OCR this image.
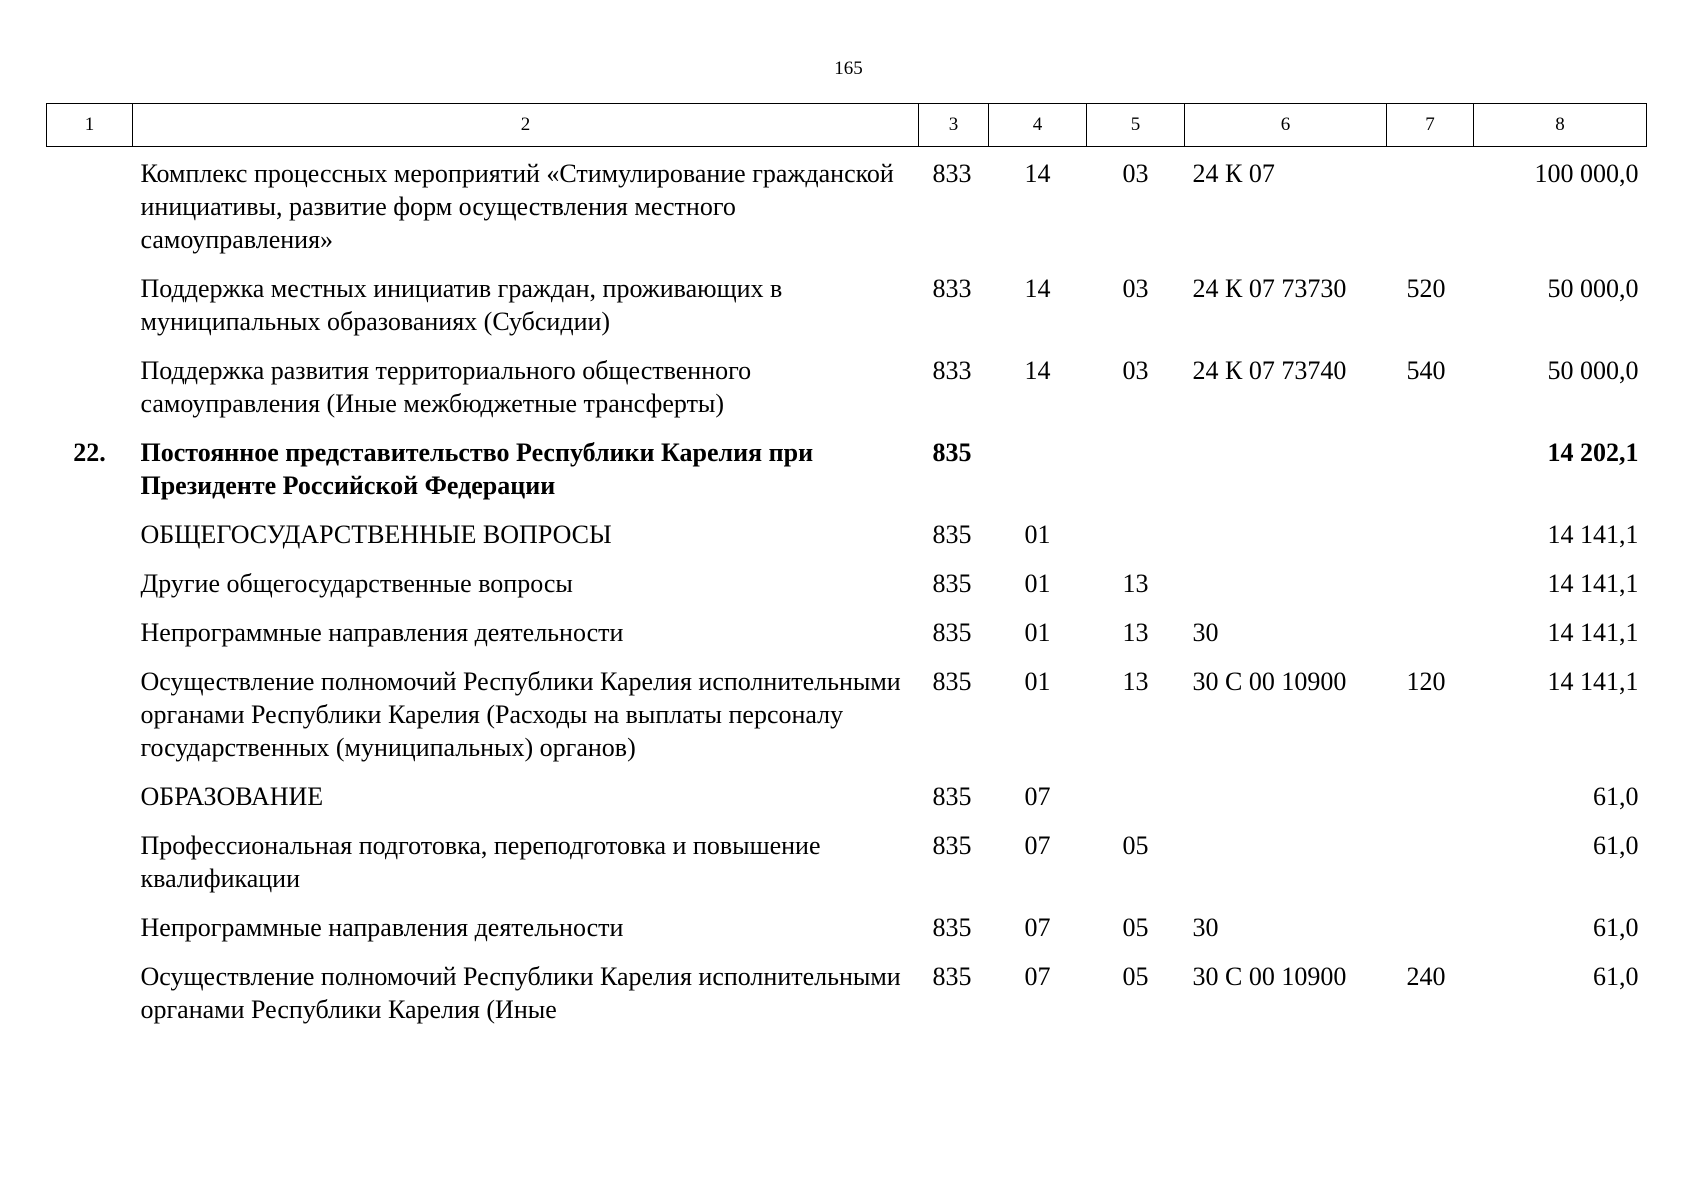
165
1	2	3	4	5	6	7	8
	Комплекс процессных мероприятий «Стимулирование гражданской инициативы, развитие форм осуществления местного самоуправления»	833	14	03	24 К 07		100 000,0
	Поддержка местных инициатив граждан, проживающих в муниципальных образованиях (Субсидии)	833	14	03	24 К 07 73730	520	50 000,0
	Поддержка развития территориального общественного самоуправления (Иные межбюджетные трансферты)	833	14	03	24 К 07 73740	540	50 000,0
22.	Постоянное представительство Республики Карелия при Президенте Российской Федерации	835					14 202,1
	ОБЩЕГОСУДАРСТВЕННЫЕ ВОПРОСЫ	835	01				14 141,1
	Другие общегосударственные вопросы	835	01	13			14 141,1
	Непрограммные направления деятельности	835	01	13	30		14 141,1
	Осуществление полномочий Республики Карелия исполнительными органами Республики Карелия (Расходы на выплаты персоналу государственных (муниципальных) органов)	835	01	13	30 С 00 10900	120	14 141,1
	ОБРАЗОВАНИЕ	835	07				61,0
	Профессиональная подготовка, переподготовка и повышение квалификации	835	07	05			61,0
	Непрограммные направления деятельности	835	07	05	30		61,0
	Осуществление полномочий Республики Карелия исполнительными органами Республики Карелия (Иные	835	07	05	30 С 00 10900	240	61,0
